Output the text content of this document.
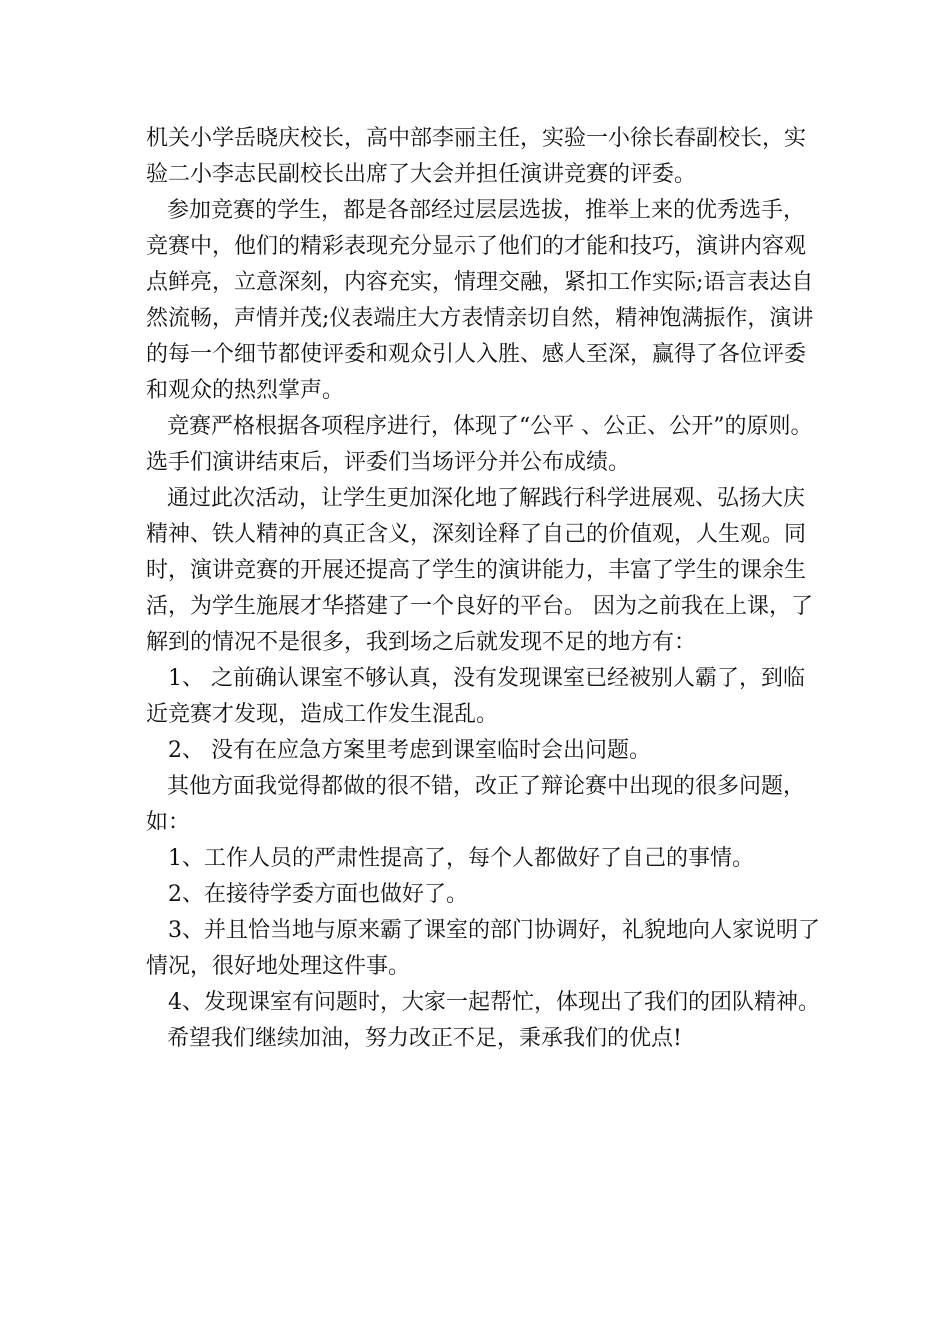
机关小学岳晓庆校长，高中部李丽主任，实验一小徐长春副校长，实验二小李志民副校长出席了大会并担任演讲竞赛的评委。

参加竞赛的学生，都是各部经过层层选拔，推举上来的优秀选手，竞赛中，他们的精彩表现充分显示了他们的才能和技巧，演讲内容观点鲜亮，立意深刻，内容充实，情理交融，紧扣工作实际;语言表达自然流畅，声情并茂;仪表端庄大方表情亲切自然，精神饱满振作，演讲的每一个细节都使评委和观众引人入胜、感人至深，赢得了各位评委和观众的热烈掌声。

竞赛严格根据各项程序进行，体现了“公平 、公正、公开”的原则。选手们演讲结束后，评委们当场评分并公布成绩。

通过此次活动，让学生更加深化地了解践行科学进展观、弘扬大庆精神、铁人精神的真正含义，深刻诠释了自己的价值观，人生观。同时，演讲竞赛的开展还提高了学生的演讲能力，丰富了学生的课余生活，为学生施展才华搭建了一个良好的平台。 因为之前我在上课，了解到的情况不是很多，我到场之后就发现不足的地方有：

1、 之前确认课室不够认真，没有发现课室已经被别人霸了，到临近竞赛才发现，造成工作发生混乱。

2、 没有在应急方案里考虑到课室临时会出问题。

其他方面我觉得都做的很不错，改正了辩论赛中出现的很多问题，如：

1、工作人员的严肃性提高了，每个人都做好了自己的事情。

2、在接待学委方面也做好了。

3、并且恰当地与原来霸了课室的部门协调好，礼貌地向人家说明了情况，很好地处理这件事。

4、发现课室有问题时，大家一起帮忙，体现出了我们的团队精神。

希望我们继续加油，努力改正不足，秉承我们的优点!
